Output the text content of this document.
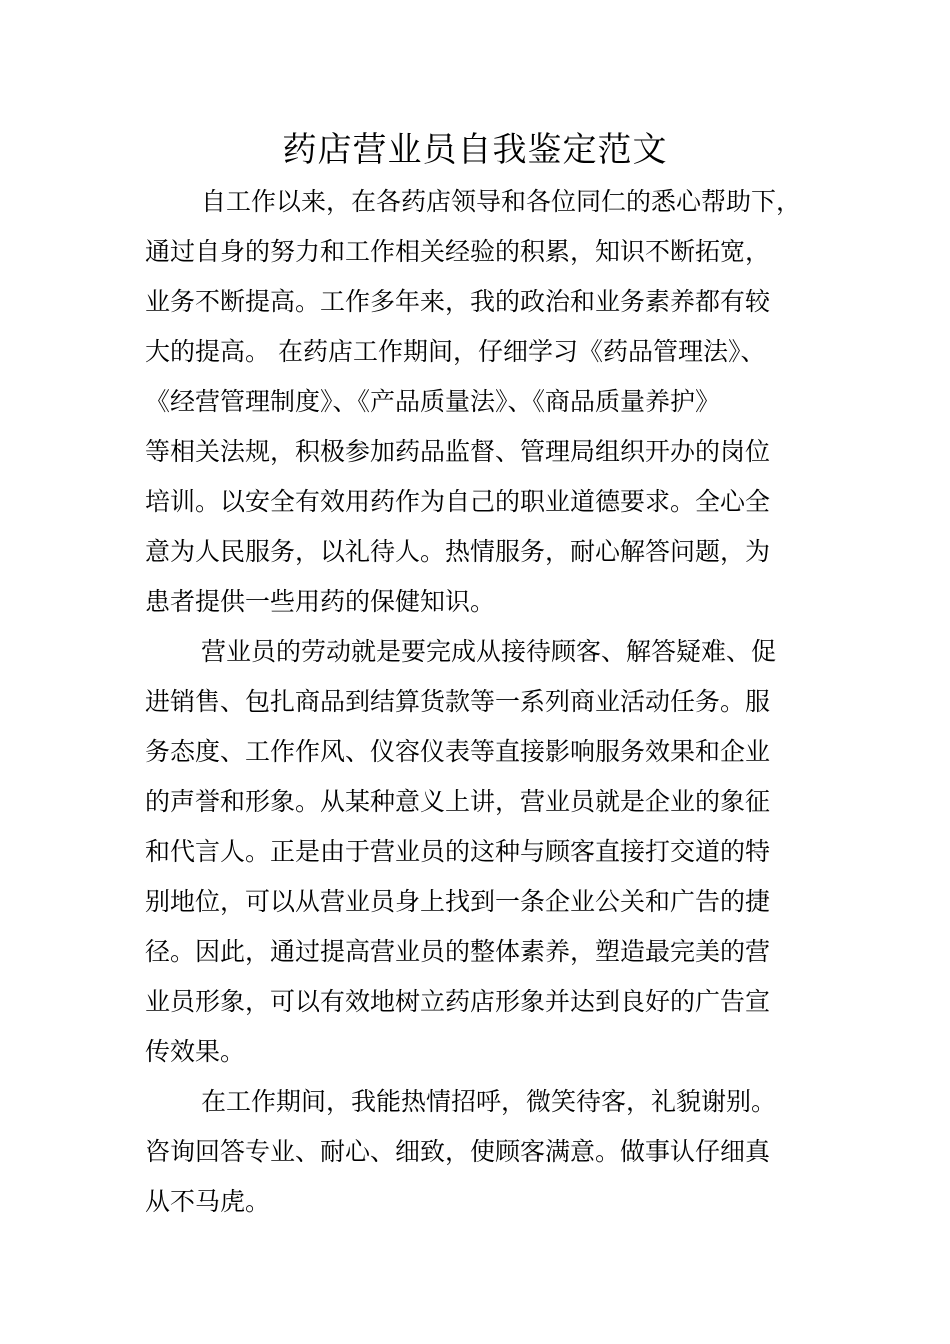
药店营业员自我鉴定范文
自工作以来，在各药店领导和各位同仁的悉心帮助下，
通过自身的努力和工作相关经验的积累，知识不断拓宽，
业务不断提高。工作多年来，我的政治和业务素养都有较
大的提高。 在药店工作期间，仔细学习《药品管理法》、
《经营管理制度》、《产品质量法》、《商品质量养护》
等相关法规，积极参加药品监督、管理局组织开办的岗位
培训。以安全有效用药作为自己的职业道德要求。全心全
意为人民服务，以礼待人。热情服务，耐心解答问题，为
患者提供一些用药的保健知识。
营业员的劳动就是要完成从接待顾客、解答疑难、促
进销售、包扎商品到结算货款等一系列商业活动任务。服
务态度、工作作风、仪容仪表等直接影响服务效果和企业
的声誉和形象。从某种意义上讲，营业员就是企业的象征
和代言人。正是由于营业员的这种与顾客直接打交道的特
别地位，可以从营业员身上找到一条企业公关和广告的捷
径。因此，通过提高营业员的整体素养，塑造最完美的营
业员形象，可以有效地树立药店形象并达到良好的广告宣
传效果。
在工作期间，我能热情招呼，微笑待客，礼貌谢别。
咨询回答专业、耐心、细致，使顾客满意。做事认仔细真
从不马虎。
